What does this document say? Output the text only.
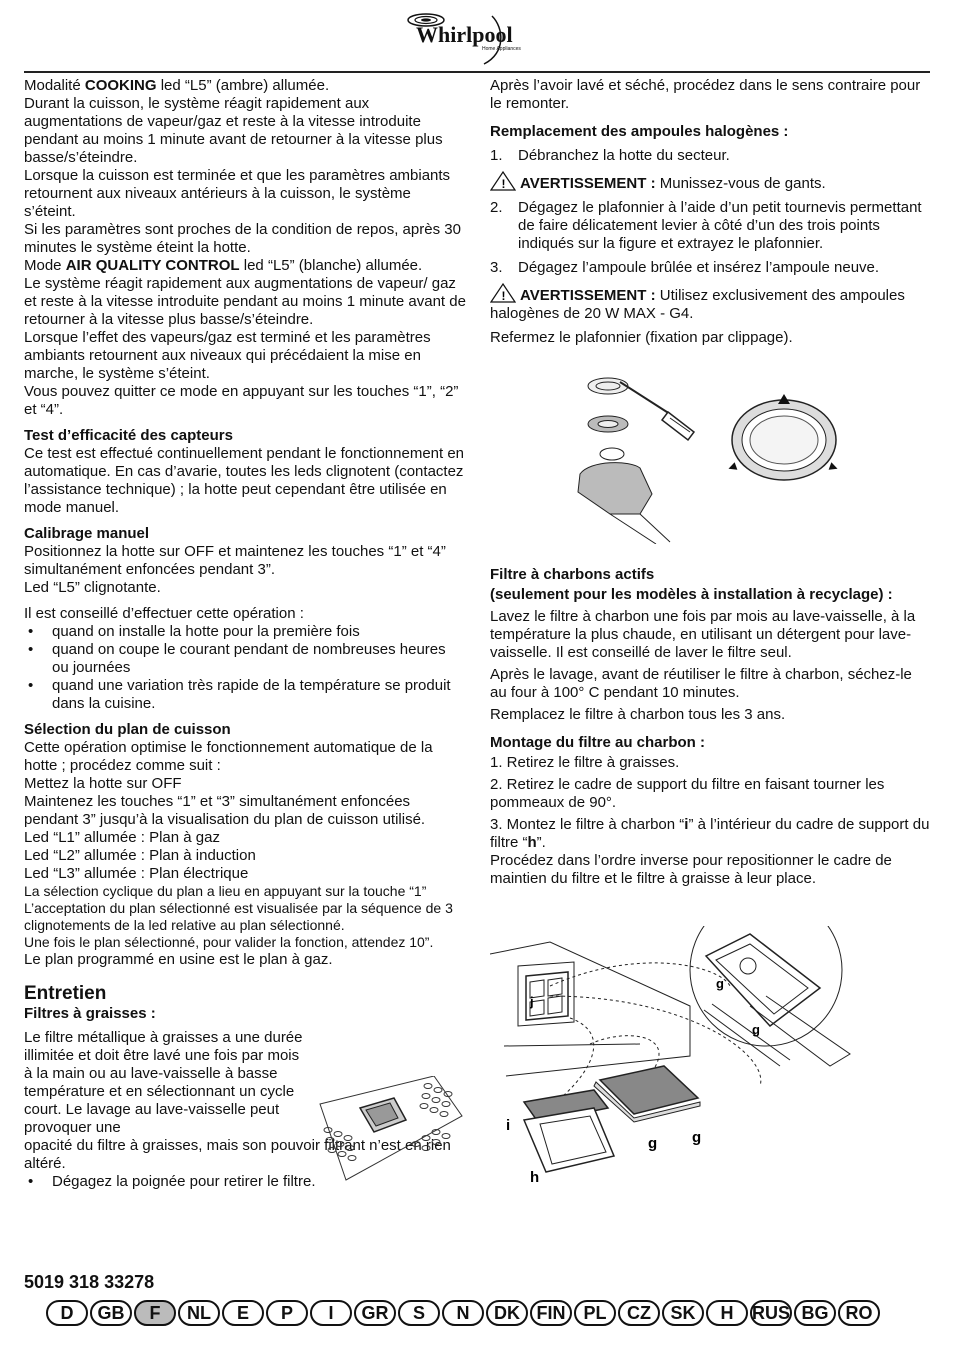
Whirlpool
Home Appliances

Modalité COOKING led “L5” (ambre) allumée.

Durant la cuisson, le système réagit rapidement aux augmentations de vapeur/gaz et reste à la vitesse introduite pendant au moins 1 minute avant de retourner à la vitesse plus basse/s’éteindre.

Lorsque la cuisson est terminée et que les paramètres ambiants retournent aux niveaux antérieurs à la cuisson, le système s’éteint.

Si les paramètres sont proches de la condition de repos, après 30 minutes le système éteint la hotte.

Mode AIR QUALITY CONTROL led “L5” (blanche) allumée.

Le système réagit rapidement aux augmentations de vapeur/ gaz et reste à la vitesse introduite pendant au moins 1 minute avant de retourner à la vitesse plus basse/s’éteindre.

Lorsque l’effet des vapeurs/gaz est terminé et les paramètres ambiants retournent aux niveaux qui précédaient la mise en marche, le système s’éteint.

Vous pouvez quitter ce mode en appuyant sur les touches “1”, “2” et “4”.

Test d’efficacité des capteurs

Ce test est effectué continuellement pendant le fonctionnement en automatique. En cas d’avarie, toutes les leds clignotent (contactez l’assistance technique) ; la hotte peut cependant être utilisée en mode manuel.

Calibrage manuel

Positionnez la hotte sur OFF et maintenez les touches “1” et “4” simultanément enfoncées pendant 3”.

Led “L5” clignotante.

Il est conseillé d’effectuer cette opération :

• quand on installe la hotte pour la première fois
• quand on coupe le courant pendant de nombreuses heures ou journées
• quand une variation très rapide de la température se produit dans la cuisine.

Sélection du plan de cuisson

Cette opération optimise le fonctionnement automatique de la hotte ; procédez comme suit :

Mettez la hotte sur OFF

Maintenez les touches “1” et “3” simultanément enfoncées pendant 3” jusqu’à la visualisation du plan de cuisson utilisé.

Led “L1” allumée : Plan à gaz

Led “L2” allumée : Plan à induction

Led “L3” allumée : Plan électrique

La sélection cyclique du plan a lieu en appuyant sur la touche “1” L’acceptation du plan sélectionné est visualisée par la séquence de 3 clignotements de la led relative au plan sélectionné.

Une fois le plan sélectionné, pour valider la fonction, attendez 10”.

Le plan programmé en usine est le plan à gaz.

Entretien

Filtres à graisses :

Le filtre métallique à graisses a une durée illimitée et doit être lavé une fois par mois à la main ou au lave-vaisselle à basse température et en sélectionnant un cycle court. Le lavage au lave-vaisselle peut provoquer une

opacité du filtre à graisses, mais son pouvoir filtrant n’est en rien altéré.

• Dégagez la poignée pour retirer le filtre.

Après l’avoir lavé et séché, procédez dans le sens contraire pour le remonter.

Remplacement des ampoules halogènes :

1. Débranchez la hotte du secteur.

! AVERTISSEMENT : Munissez-vous de gants.

2. Dégagez le plafonnier à l’aide d’un petit tournevis permettant de faire délicatement levier à côté d’un des trois points indiqués sur la figure et extrayez le plafonnier.
3. Dégagez l’ampoule brûlée et insérez l’ampoule neuve.

! AVERTISSEMENT : Utilisez exclusivement des ampoules halogènes de 20 W MAX - G4.

Refermez le plafonnier (fixation par clippage).

Filtre à charbons actifs

(seulement pour les modèles à installation à recyclage) :

Lavez le filtre à charbon une fois par mois au lave-vaisselle, à la température la plus chaude, en utilisant un détergent pour lave-vaisselle. Il est conseillé de laver le filtre seul.

Après le lavage, avant de réutiliser le filtre à charbon, séchez-le au four à 100° C pendant 10 minutes.

Remplacez le filtre à charbon tous les 3 ans.

Montage du filtre au charbon :

1. Retirez le filtre à graisses.

2. Retirez le cadre de support du filtre en faisant tourner les pommeaux de 90°.

3. Montez le filtre à charbon “i” à l’intérieur du cadre de support du filtre “h”.

Procédez dans l’ordre inverse pour repositionner le cadre de maintien du filtre et le filtre à graisse à leur place.

j
g
g
i
h
g g
5019 318 33278
D	GB	F	NL	E	P	I	GR	S	N	DK FIN PL	CZ	SK	H	RUS BG RO
